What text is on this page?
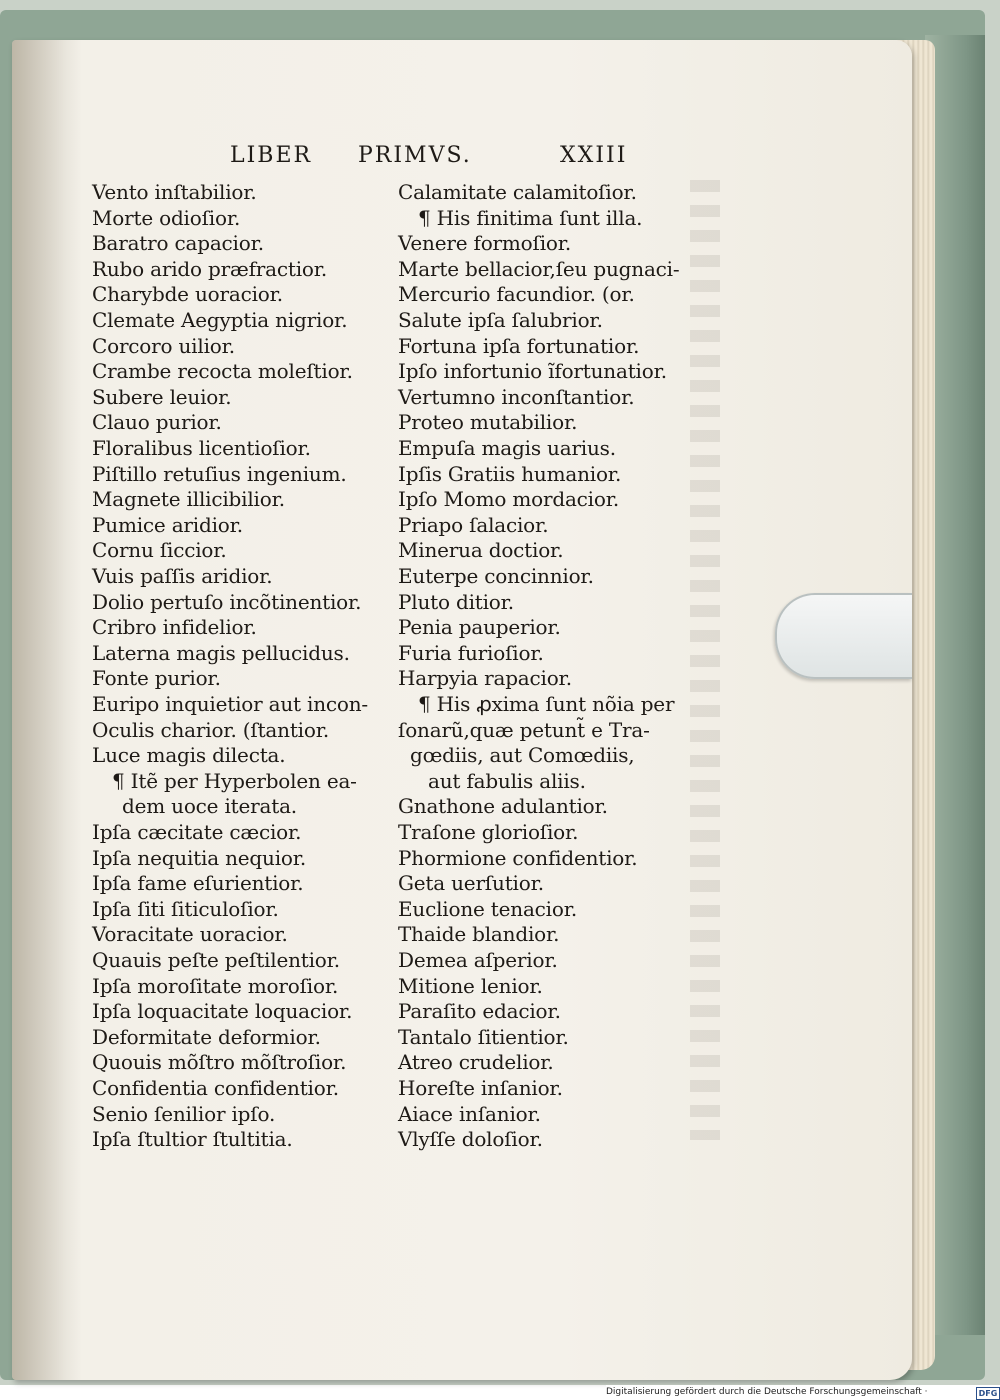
LIBER PRIMVS.	XXIII
Vento inſtabilior.
Morte odioſior.
Baratro capacior.
Rubo arido præfractior.
Charybde uoracior.
Clemate Aegyptia nigrior.
Corcoro uilior.
Crambe recocta moleſtior.
Subere leuior.
Clauo purior.
Floralibus licentioſior.
Piſtillo retuſius ingenium.
Magnete illicibilior.
Pumice aridior.
Cornu ſiccior.
Vuis paſſis aridior.
Dolio pertuſo incõtinentior.
Cribro infidelior.
Laterna magis pellucidus.
Fonte purior.
Euripo inquietior aut incon-
Oculis charior. (ſtantior.
Luce magis dilecta.
¶ Itẽ per Hyperbolen ea-
dem uoce iterata.
Ipſa cæcitate cæcior.
Ipſa nequitia nequior.
Ipſa fame eſurientior.
Ipſa ſiti ſiticuloſior.
Voracitate uoracior.
Quauis peſte peſtilentior.
Ipſa moroſitate moroſior.
Ipſa loquacitate loquacior.
Deformitate deformior.
Quouis mõſtro mõſtroſior.
Confidentia confidentior.
Senio ſenilior ipſo.
Ipſa ſtultior ſtultitia.
Calamitate calamitoſior.
¶ His finitima ſunt illa.
Venere formoſior.
Marte bellacior,ſeu pugnaci-
Mercurio facundior. (or.
Salute ipſa ſalubrior.
Fortuna ipſa fortunatior.
Ipſo infortunio ĩfortunatior.
Vertumno inconſtantior.
Proteo mutabilior.
Empuſa magis uarius.
Ipſis Gratiis humanior.
Ipſo Momo mordacior.
Priapo ſalacior.
Minerua doctior.
Euterpe concinnior.
Pluto ditior.
Penia pauperior.
Furia furioſior.
Harpyia rapacior.
¶ His ꝓxima ſunt nõia per
ſonarũ,quæ petunt̃ e Tra-
gœdiis, aut Comœdiis,
aut fabulis aliis.
Gnathone adulantior.
Traſone glorioſior.
Phormione confidentior.
Geta uerſutior.
Euclione tenacior.
Thaide blandior.
Demea aſperior.
Mitione lenior.
Paraſito edacior.
Tantalo ſitientior.
Atreo crudelior.
Horeſte inſanior.
Aiace inſanior.
Vlyſſe doloſior.
Digitalisierung gefördert durch die Deutsche Forschungsgemeinschaft ·	DFG
